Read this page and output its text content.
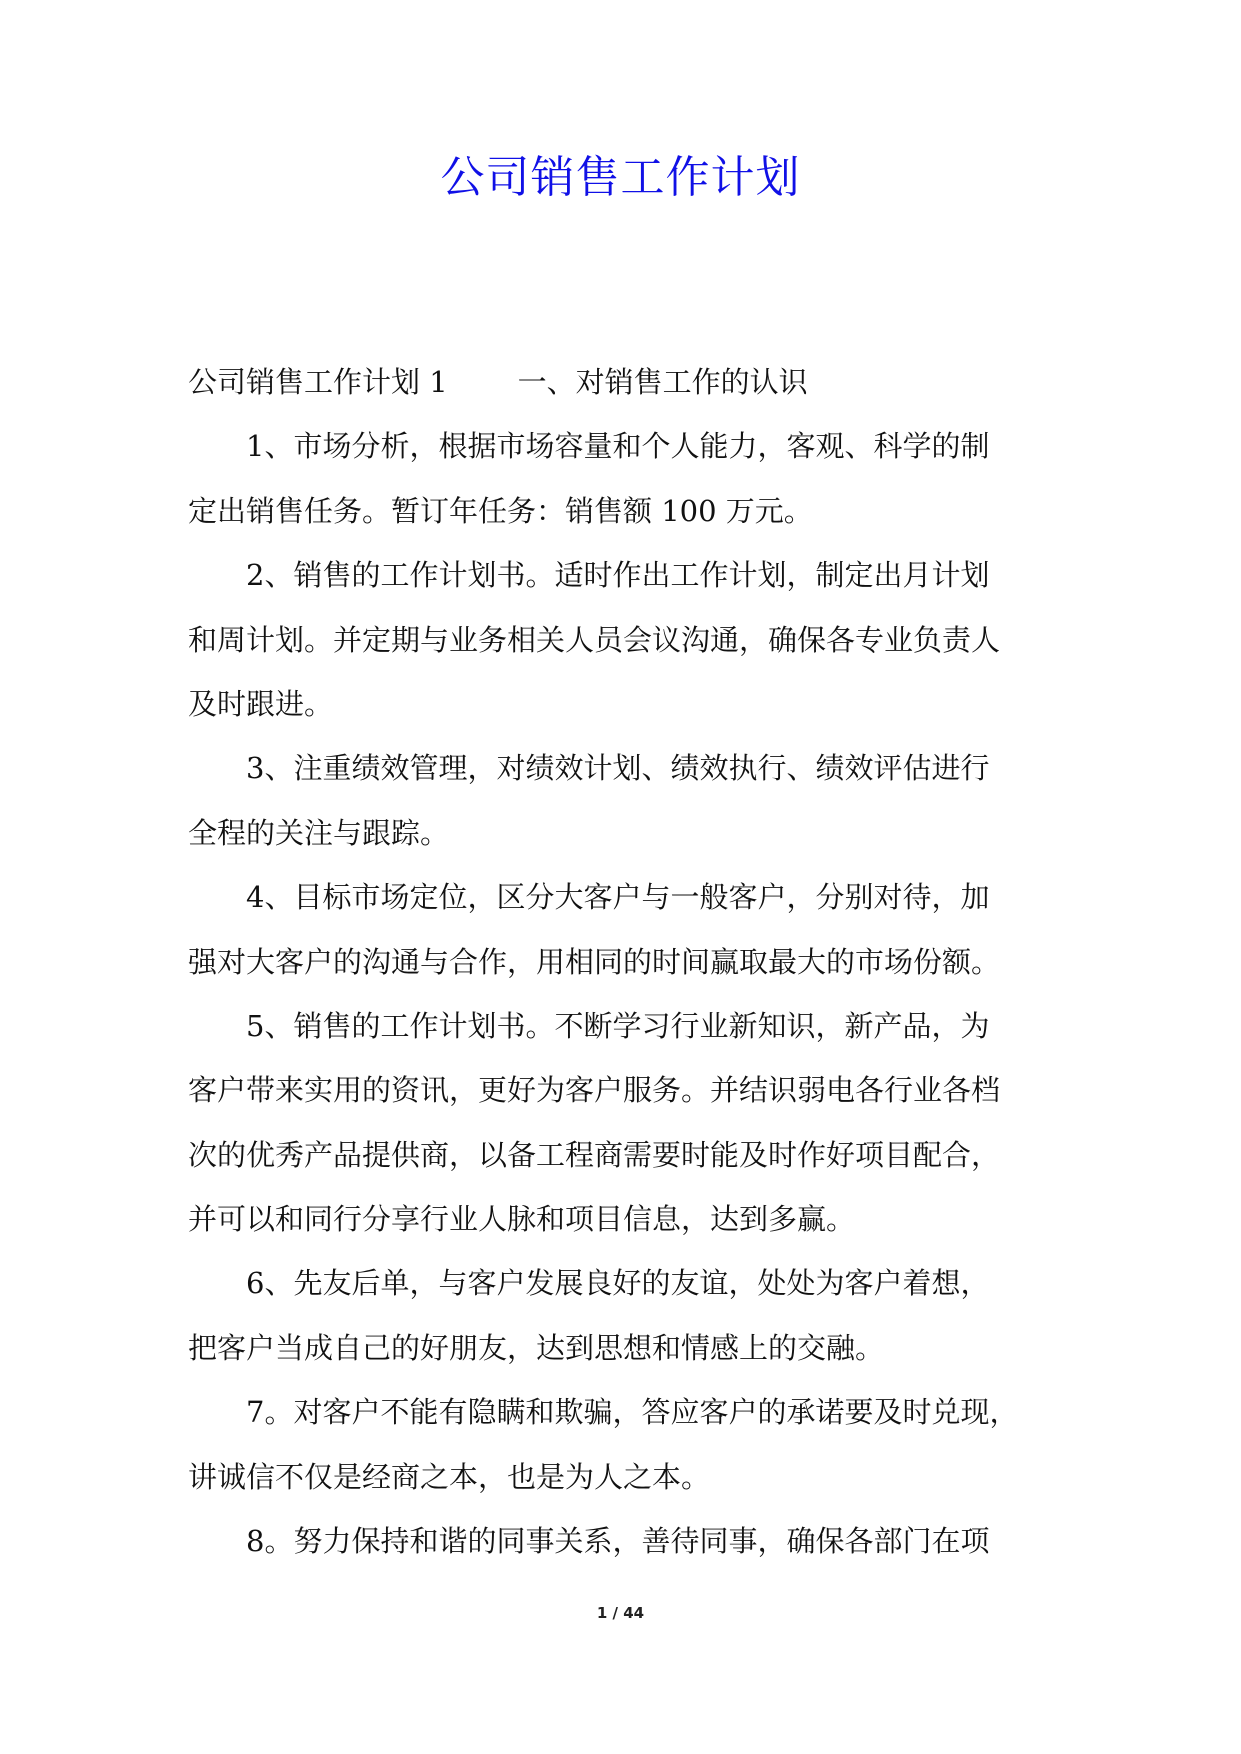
公司销售工作计划
公司销售工作计划 1 一、对销售工作的认识
1、市场分析，根据市场容量和个人能力，客观、科学的制
定出销售任务。暂订年任务：销售额 100 万元。
2、销售的工作计划书。适时作出工作计划，制定出月计划
和周计划。并定期与业务相关人员会议沟通，确保各专业负责人
及时跟进。
3、注重绩效管理，对绩效计划、绩效执行、绩效评估进行
全程的关注与跟踪。
4、目标市场定位，区分大客户与一般客户，分别对待，加
强对大客户的沟通与合作，用相同的时间赢取最大的市场份额。
5、销售的工作计划书。不断学习行业新知识，新产品，为
客户带来实用的资讯，更好为客户服务。并结识弱电各行业各档
次的优秀产品提供商，以备工程商需要时能及时作好项目配合，
并可以和同行分享行业人脉和项目信息，达到多赢。
6、先友后单，与客户发展良好的友谊，处处为客户着想，
把客户当成自己的好朋友，达到思想和情感上的交融。
7。对客户不能有隐瞒和欺骗，答应客户的承诺要及时兑现，
讲诚信不仅是经商之本，也是为人之本。
8。努力保持和谐的同事关系，善待同事，确保各部门在项
1 / 44
